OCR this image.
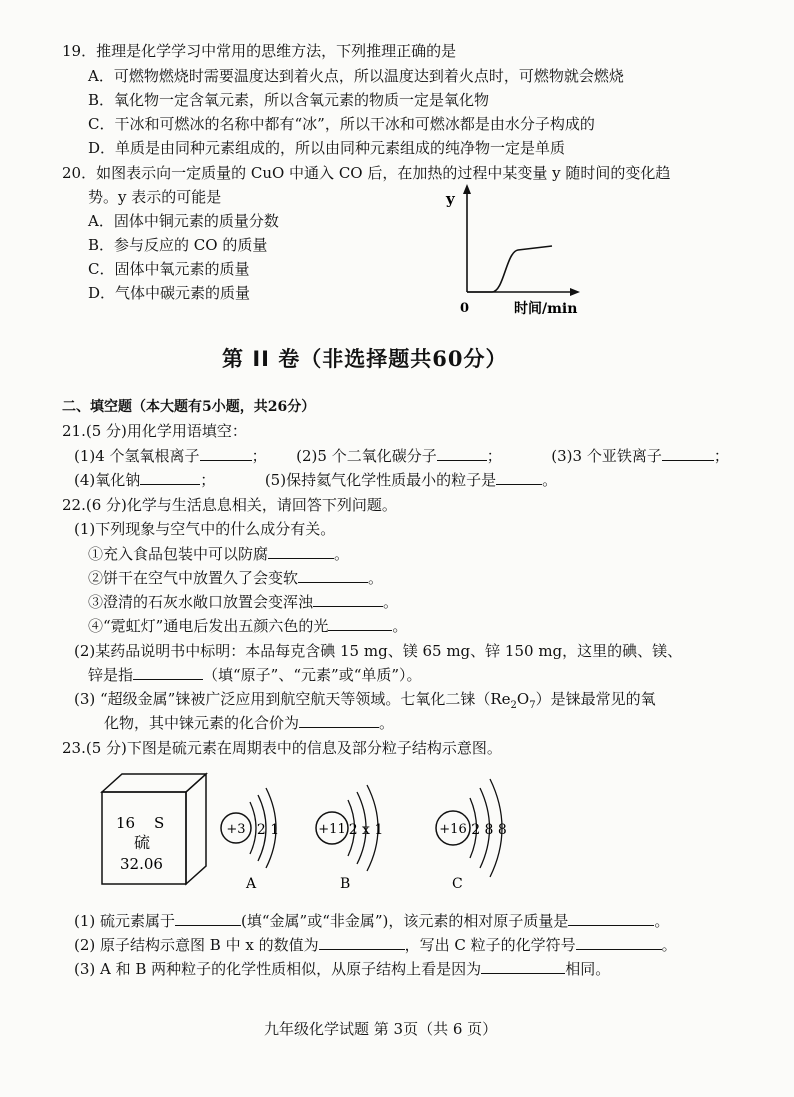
19．推理是化学学习中常用的思维方法，下列推理正确的是
A．可燃物燃烧时需要温度达到着火点，所以温度达到着火点时，可燃物就会燃烧
B．氧化物一定含氧元素，所以含氧元素的物质一定是氧化物
C．干冰和可燃冰的名称中都有“冰”，所以干冰和可燃冰都是由水分子构成的
D．单质是由同种元素组成的，所以由同种元素组成的纯净物一定是单质
20．如图表示向一定质量的 CuO 中通入 CO 后，在加热的过程中某变量 y 随时间的变化趋
势。y 表示的可能是
A．固体中铜元素的质量分数
B．参与反应的 CO 的质量
C．固体中氧元素的质量
D．气体中碳元素的质量
y
0	时间/min
第 II 卷（非选择题共60分）
二、填空题（本大题有5小题，共26分）
21.(5 分)用化学用语填空：
(1)4 个氢氧根离子	； (2)5 个二氧化碳分子	；	(3)3 个亚铁离子	；
(4)氧化钠	；	(5)保持氦气化学性质最小的粒子是	。
22.(6 分)化学与生活息息相关，请回答下列问题。
(1)下列现象与空气中的什么成分有关。
①充入食品包装中可以防腐	。
②饼干在空气中放置久了会变软	。
③澄清的石灰水敞口放置会变浑浊	。
④“霓虹灯”通电后发出五颜六色的光	。
(2)某药品说明书中标明：本品每克含碘 15 mg、镁 65 mg、锌 150 mg，这里的碘、镁、
锌是指	（填“原子”、“元素”或“单质”）。
(3) “超级金属”铼被广泛应用到航空航天等领域。七氧化二铼$(Re_2O_7)$是铼最常见的氧
化物，其中铼元素的化合价为	。
23.(5 分)下图是硫元素在周期表中的信息及部分粒子结构示意图。
16 S
硫
32.06
+3 2 1
A
+11 2 x 1
B
+16 2 8 8
C
(1) 硫元素属于	(填“金属”或“非金属”)，该元素的相对原子质量是	。
(2) 原子结构示意图 B 中 x 的数值为	，写出 C 粒子的化学符号	。
(3) A 和 B 两种粒子的化学性质相似，从原子结构上看是因为	相同。
九年级化学试题 第 3页（共 6 页）
